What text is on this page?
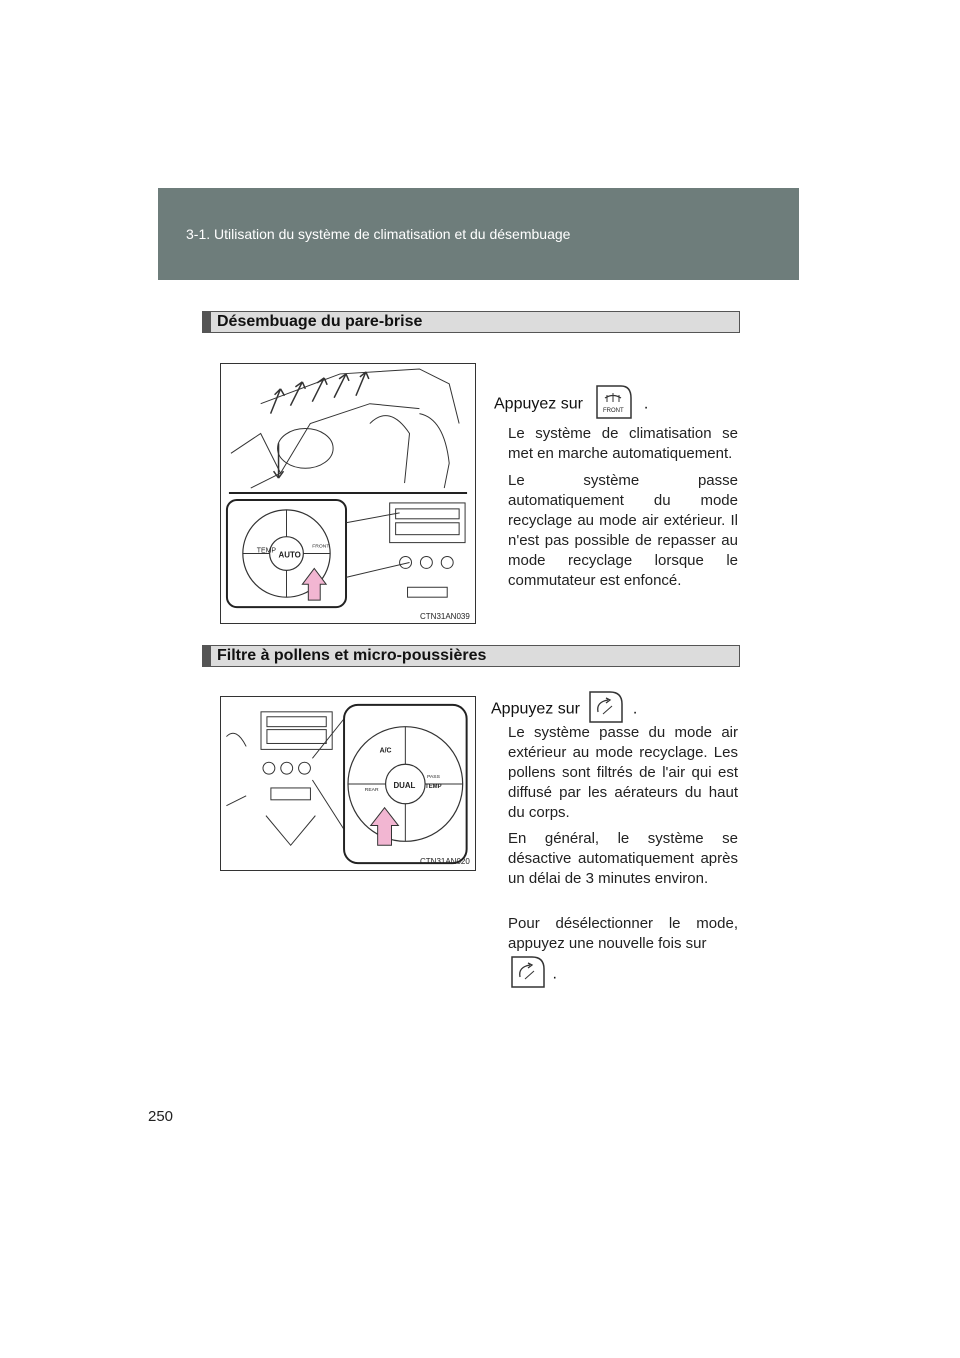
3-1. Utilisation du système de climatisation et du désembuage
Désembuage du pare-brise
TEMP AUTO
FRONT
CTN31AN039
Appuyez sur	FRONT .
Le système de climatisation se met en marche automatiquement.
Le système passe automatiquement du mode recyclage au mode air extérieur. Il n'est pas possible de repasser au mode recyclage lorsque le commutateur est enfoncé.
Filtre à pollens et micro-poussières
A/C
REAR
DUAL
PASS
TEMP
CTN31AN020
Appuyez sur	.
Le système passe du mode air extérieur au mode recyclage. Les pollens sont filtrés de l'air qui est diffusé par les aérateurs du haut du corps.
En général, le système se désactive automatiquement après un délai de 3 minutes environ.
Pour désélectionner le mode, appuyez une nouvelle fois sur
.
250
